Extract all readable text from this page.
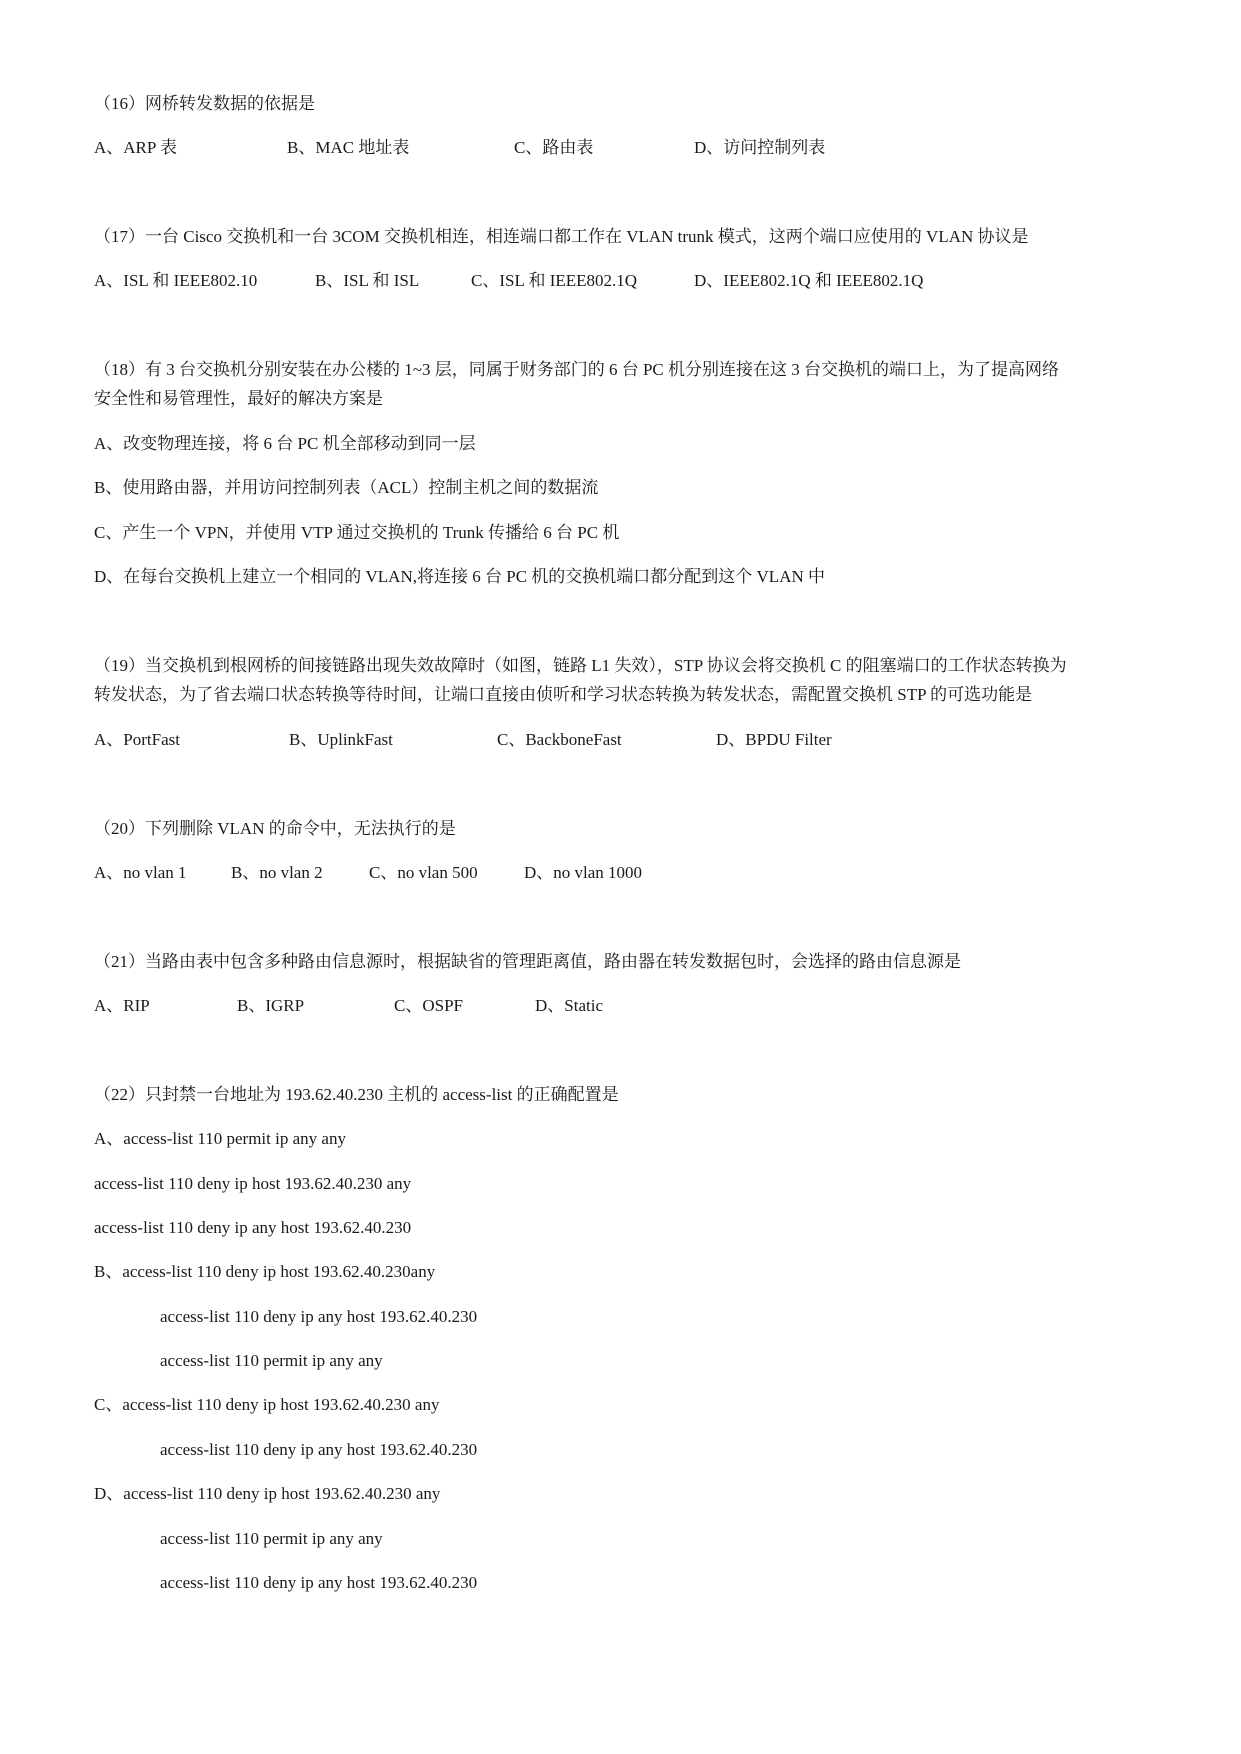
（16）网桥转发数据的依据是
A、ARP 表	B、MAC 地址表	C、路由表	D、访问控制列表
（17）一台 Cisco 交换机和一台 3COM 交换机相连，相连端口都工作在 VLAN trunk 模式，这两个端口应使用的 VLAN 协议是
A、ISL 和 IEEE802.10	B、ISL 和 ISL	C、ISL 和 IEEE802.1Q	D、IEEE802.1Q 和 IEEE802.1Q
（18）有 3 台交换机分别安装在办公楼的 1~3 层，同属于财务部门的 6 台 PC 机分别连接在这 3 台交换机的端口上，为了提高网络
安全性和易管理性，最好的解决方案是
A、改变物理连接，将 6 台 PC 机全部移动到同一层
B、使用路由器，并用访问控制列表（ACL）控制主机之间的数据流
C、产生一个 VPN，并使用 VTP 通过交换机的 Trunk 传播给 6 台 PC 机
D、在每台交换机上建立一个相同的 VLAN,将连接 6 台 PC 机的交换机端口都分配到这个 VLAN 中
（19）当交换机到根网桥的间接链路出现失效故障时（如图，链路 L1 失效），STP 协议会将交换机 C 的阻塞端口的工作状态转换为
转发状态，为了省去端口状态转换等待时间，让端口直接由侦听和学习状态转换为转发状态，需配置交换机 STP 的可选功能是
A、PortFast	B、UplinkFast	C、BackboneFast	D、BPDU Filter
（20）下列删除 VLAN 的命令中，无法执行的是
A、no vlan 1	B、no vlan 2	C、no vlan 500	D、no vlan 1000
（21）当路由表中包含多种路由信息源时，根据缺省的管理距离值，路由器在转发数据包时，会选择的路由信息源是
A、RIP	B、IGRP	C、OSPF	D、Static
（22）只封禁一台地址为 193.62.40.230 主机的 access-list 的正确配置是
A、access-list 110 permit ip any any
access-list 110 deny ip host 193.62.40.230 any
access-list 110 deny ip any host 193.62.40.230
B、access-list 110 deny ip host 193.62.40.230any
access-list 110 deny ip any host 193.62.40.230
access-list 110 permit ip any any
C、access-list 110 deny ip host 193.62.40.230 any
access-list 110 deny ip any host 193.62.40.230
D、access-list 110 deny ip host 193.62.40.230 any
access-list 110 permit ip any any
access-list 110 deny ip any host 193.62.40.230
